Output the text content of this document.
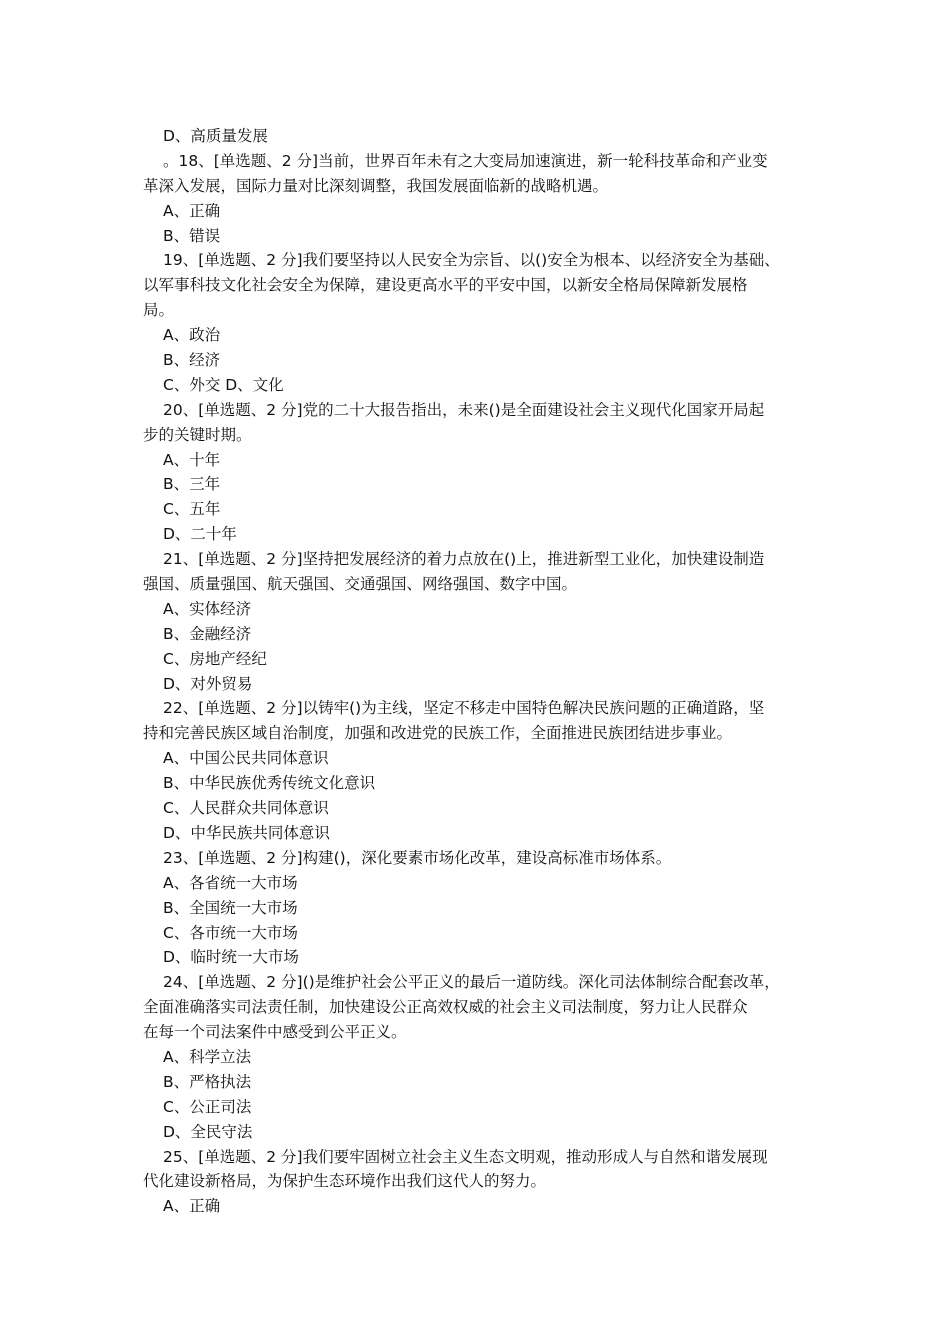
D、高质量发展
。18、[单选题、2 分]当前，世界百年未有之大变局加速演进，新一轮科技革命和产业变
革深入发展，国际力量对比深刻调整，我国发展面临新的战略机遇。
A、正确
B、错误
19、[单选题、2 分]我们要坚持以人民安全为宗旨、以()安全为根本、以经济安全为基础、
以军事科技文化社会安全为保障，建设更高水平的平安中国，以新安全格局保障新发展格
局。
A、政治
B、经济
C、外交 D、文化
20、[单选题、2 分]党的二十大报告指出，未来()是全面建设社会主义现代化国家开局起
步的关键时期。
A、十年
B、三年
C、五年
D、二十年
21、[单选题、2 分]坚持把发展经济的着力点放在()上，推进新型工业化，加快建设制造
强国、质量强国、航天强国、交通强国、网络强国、数字中国。
A、实体经济
B、金融经济
C、房地产经纪
D、对外贸易
22、[单选题、2 分]以铸牢()为主线，坚定不移走中国特色解决民族问题的正确道路，坚
持和完善民族区域自治制度，加强和改进党的民族工作，全面推进民族团结进步事业。
A、中国公民共同体意识
B、中华民族优秀传统文化意识
C、人民群众共同体意识
D、中华民族共同体意识
23、[单选题、2 分]构建()，深化要素市场化改革，建设高标准市场体系。
A、各省统一大市场
B、全国统一大市场
C、各市统一大市场
D、临时统一大市场
24、[单选题、2 分]()是维护社会公平正义的最后一道防线。深化司法体制综合配套改革，
全面准确落实司法责任制，加快建设公正高效权威的社会主义司法制度，努力让人民群众
在每一个司法案件中感受到公平正义。
A、科学立法
B、严格执法
C、公正司法
D、全民守法
25、[单选题、2 分]我们要牢固树立社会主义生态文明观，推动形成人与自然和谐发展现
代化建设新格局，为保护生态环境作出我们这代人的努力。
A、正确
